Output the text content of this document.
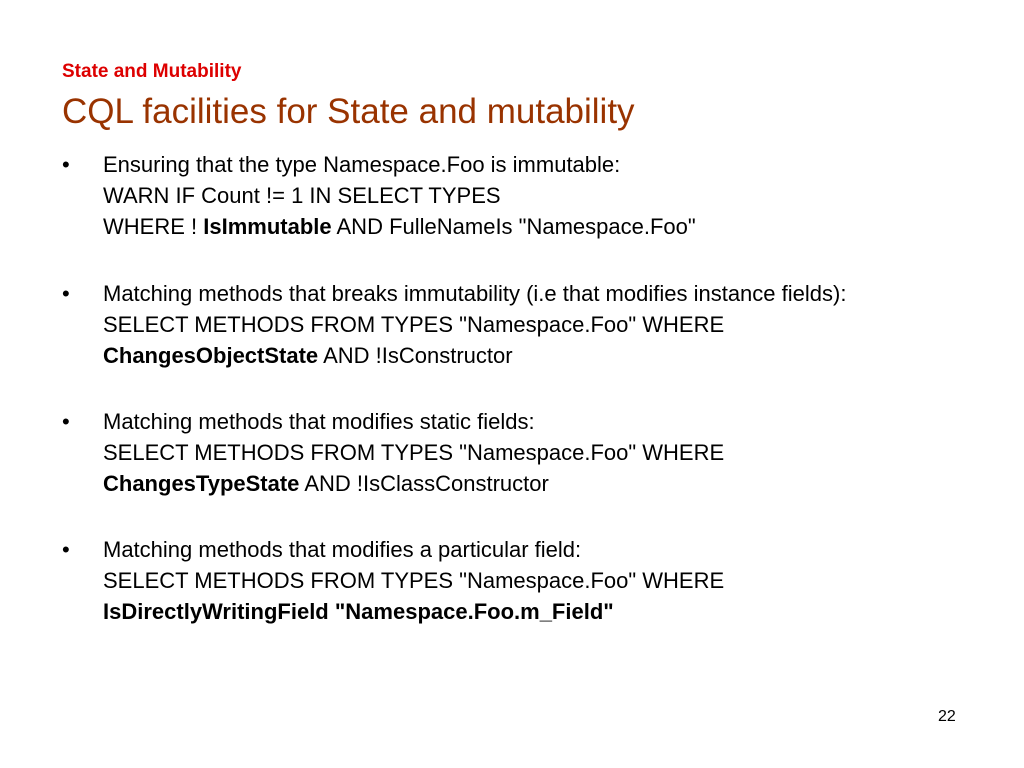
State and Mutability
CQL facilities for State and mutability
•	Ensuring that the type Namespace.Foo is immutable:
WARN IF Count != 1 IN SELECT TYPES
WHERE ! IsImmutable AND FulleNameIs "Namespace.Foo"
•	Matching methods that breaks immutability (i.e that modifies instance fields):
SELECT METHODS FROM TYPES "Namespace.Foo" WHERE
ChangesObjectState AND !IsConstructor
•	Matching methods that modifies static fields:
SELECT METHODS FROM TYPES "Namespace.Foo" WHERE
ChangesTypeState AND !IsClassConstructor
•	Matching methods that modifies a particular field:
SELECT METHODS FROM TYPES "Namespace.Foo" WHERE
IsDirectlyWritingField "Namespace.Foo.m_Field"
22
